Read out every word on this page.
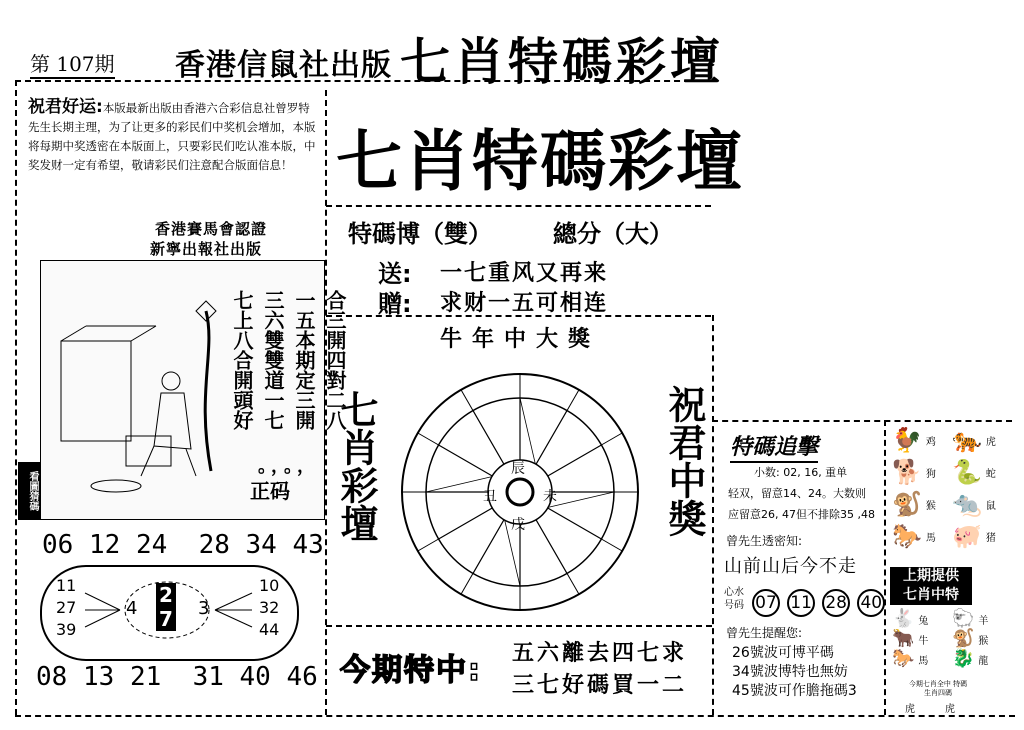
第 107期 香港信鼠社出版 七肖特碼彩壇
祝君好运:本版最新出版由香港六合彩信息社曾罗特先生长期主理，为了让更多的彩民们中奖机会增加，本版将每期中奖透密在本版面上，只要彩民们吃认准本版，中奖发财一定有希望，敬请彩民们注意配合版面信息！
香港賽馬會認證
新寧出報社出版
七肖特碼彩壇
特碼博（雙）	總分（大）
送: 一七重风又再来
贈: 求财一五可相连
七上八合開頭好 三六雙雙道一七 一五本期定三開 合三開四對二八
。，。，
正码
看圖猜碼
06 12 24 28 34 43
11
27
39
4
2
7 3
10
32
44
08 13 21 31 40 46
牛年中大獎
七肖彩壇	祝君中獎
辰
未
戌
丑
今期特中: 五六離去四七求
三七好碼買一二
特碼追擊
小数: 02, 16, 重单
轻双，留意14、24。大数则
应留意26, 47但不排除35 ,48
曾先生透密知:
山前山后今不走
心水
号码 07 11 28 40
曾先生提醒您:
26號波可博平碼
34號波博特也無妨
45號波可作膽拖碼3
🐓 鸡 🐅 虎
🐕 狗 🐍 蛇
🐒 猴 🐀 鼠
🐎 馬 🐖 猪
上期提供
七肖中特
🐇 兔 🐑 羊
🐂 牛 🐒 猴
🐎 馬 🐉 龍
今期七肖全中 特碼生肖四碼
虎	虎
